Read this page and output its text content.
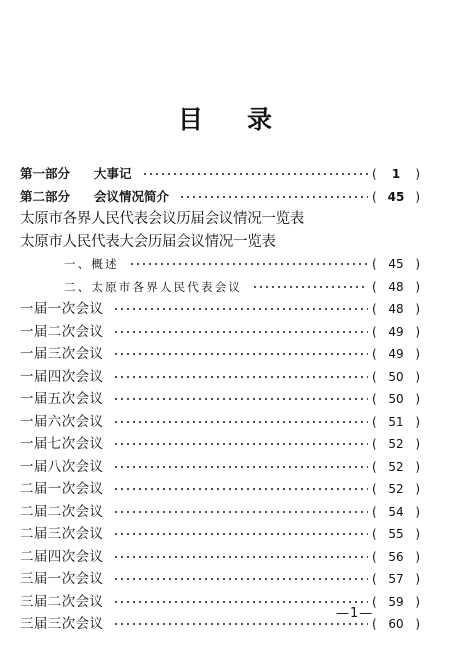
目 录
第一部分 大事记	(	1	)
第二部分 会议情况简介	( 45 )
太原市各界人民代表会议历届会议情况一览表
太原市人民代表大会历届会议情况一览表
一、概述	( 45 )
二、太原市各界人民代表会议	( 48 )
一届一次会议	( 48 )
一届二次会议	( 49 )
一届三次会议	( 49 )
一届四次会议	( 50 )
一届五次会议	( 50 )
一届六次会议	( 51 )
一届七次会议	( 52 )
一届八次会议	( 52 )
二届一次会议	( 52 )
二届二次会议	( 54 )
二届三次会议	( 55 )
二届四次会议	( 56 )
三届一次会议	( 57 )
三届二次会议	( 59 )
三届三次会议	( 60 )
—1—
